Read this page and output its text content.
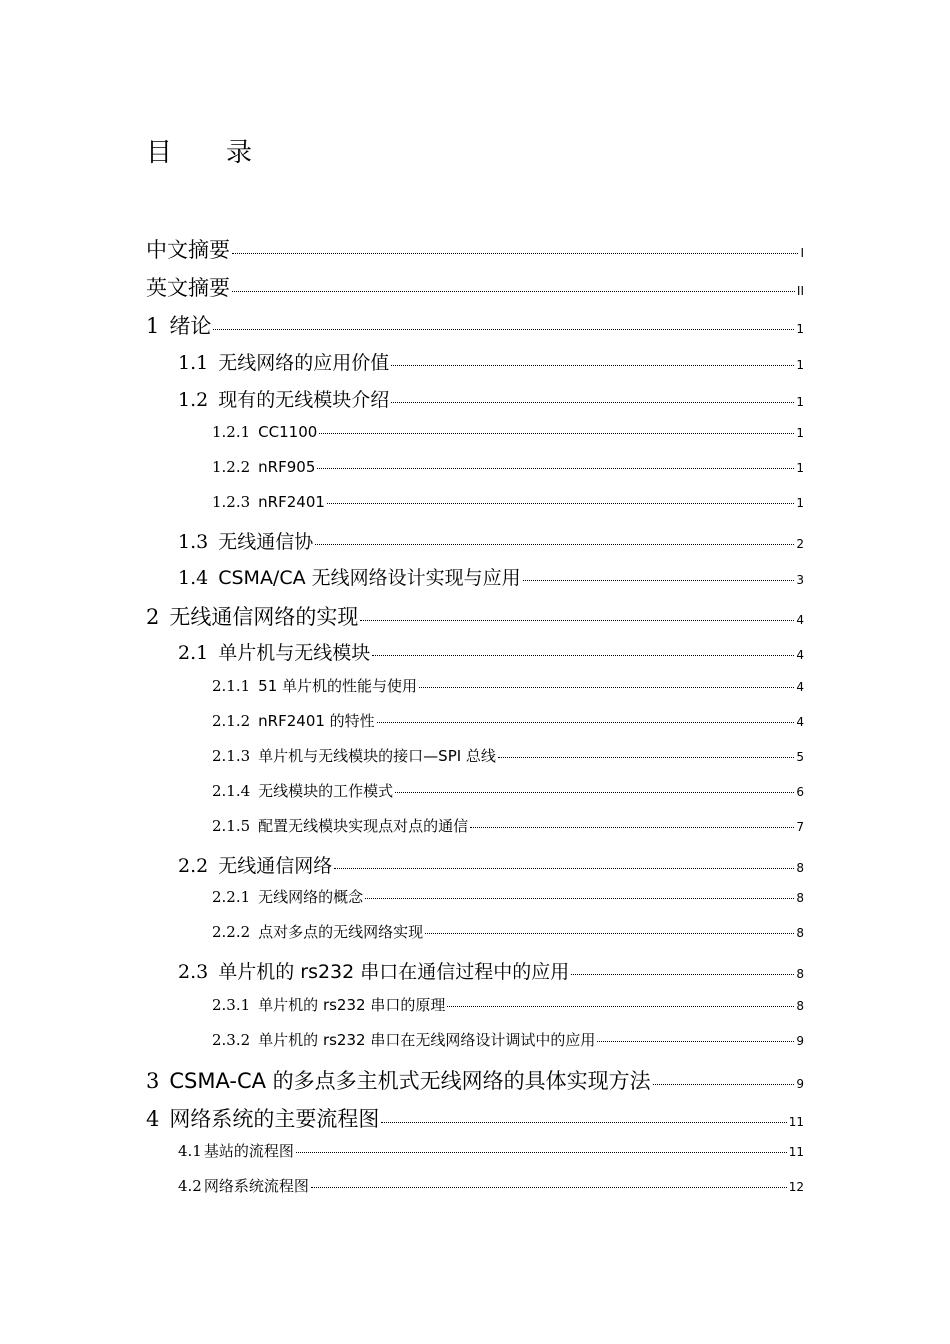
目　录
中文摘要	I
英文摘要	II
1 绪论	1
1.1 无线网络的应用价值	1
1.2 现有的无线模块介绍	1
1.2.1 CC1100	1
1.2.2 nRF905	1
1.2.3 nRF2401	1
1.3 无线通信协	2
1.4 CSMA/CA 无线网络设计实现与应用	3
2 无线通信网络的实现	4
2.1 单片机与无线模块	4
2.1.1 51 单片机的性能与使用	4
2.1.2 nRF2401 的特性	4
2.1.3 单片机与无线模块的接口—SPI 总线	5
2.1.4 无线模块的工作模式	6
2.1.5 配置无线模块实现点对点的通信	7
2.2 无线通信网络	8
2.2.1 无线网络的概念	8
2.2.2 点对多点的无线网络实现	8
2.3 单片机的 rs232 串口在通信过程中的应用	8
2.3.1 单片机的 rs232 串口的原理	8
2.3.2 单片机的 rs232 串口在无线网络设计调试中的应用	9
3 CSMA-CA 的多点多主机式无线网络的具体实现方法	9
4 网络系统的主要流程图	11
4.1 基站的流程图	11
4.2 网络系统流程图	12
